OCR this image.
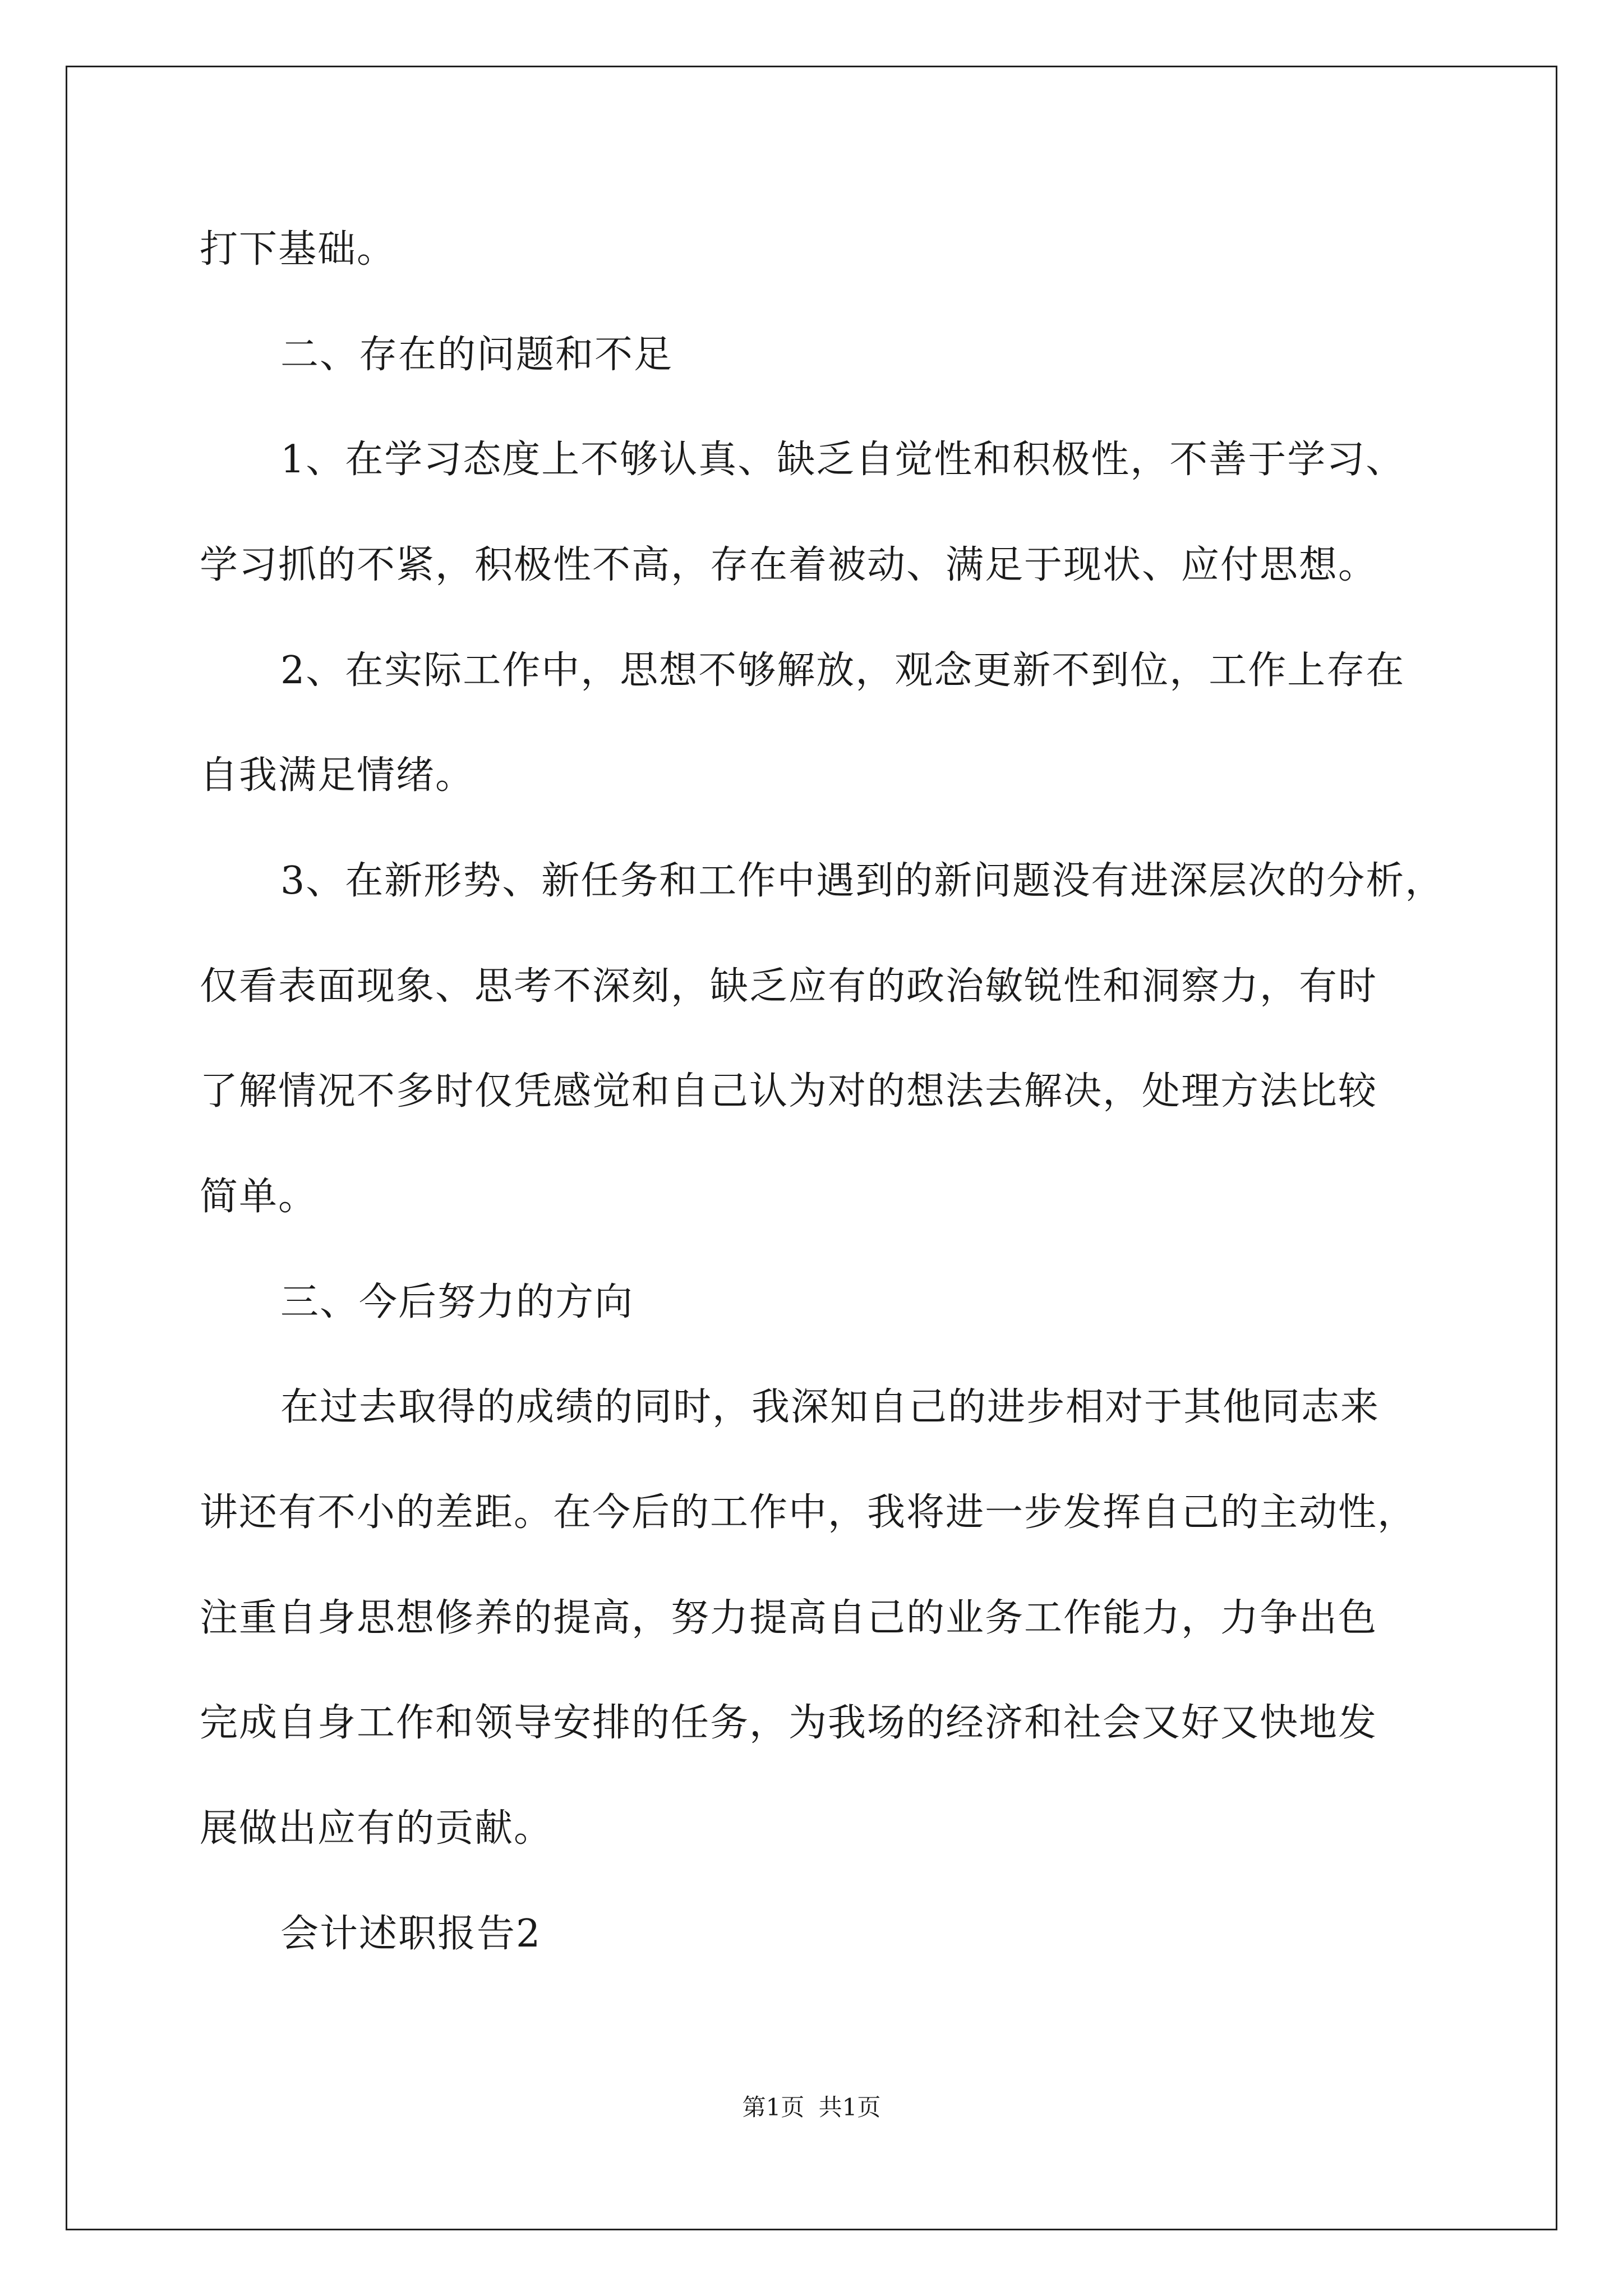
打下基础。
二、存在的问题和不足
1、在学习态度上不够认真、缺乏自觉性和积极性，不善于学习、
学习抓的不紧，积极性不高，存在着被动、满足于现状、应付思想。
2、在实际工作中，思想不够解放，观念更新不到位，工作上存在
自我满足情绪。
3、在新形势、新任务和工作中遇到的新问题没有进深层次的分析，
仅看表面现象、思考不深刻，缺乏应有的政治敏锐性和洞察力，有时
了解情况不多时仅凭感觉和自己认为对的想法去解决，处理方法比较
简单。
三、今后努力的方向
在过去取得的成绩的同时，我深知自己的进步相对于其他同志来
讲还有不小的差距。在今后的工作中，我将进一步发挥自己的主动性，
注重自身思想修养的提高，努力提高自己的业务工作能力，力争出色
完成自身工作和领导安排的任务，为我场的经济和社会又好又快地发
展做出应有的贡献。
会计述职报告2
第1页 共1页
